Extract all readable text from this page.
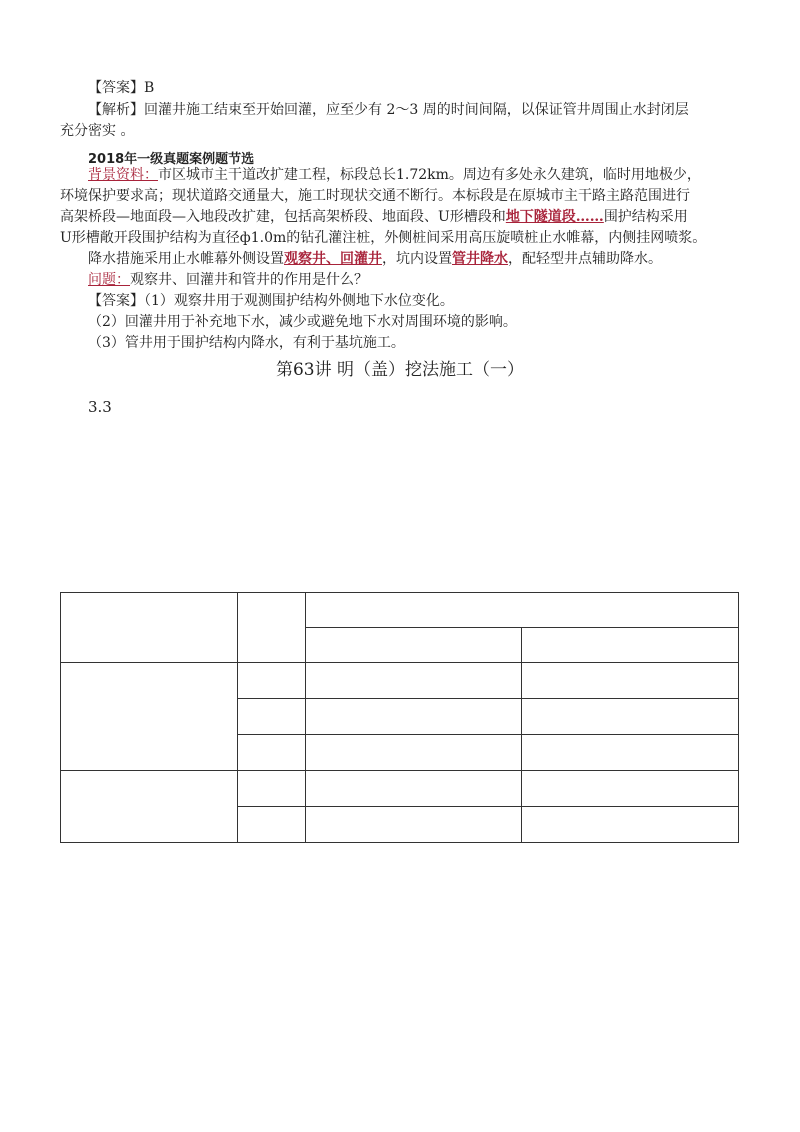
【答案】B
【解析】回灌井施工结束至开始回灌，应至少有 2～3 周的时间间隔，以保证管井周围止水封闭层
充分密实 。
2018年一级真题案例题节选
背景资料：市区城市主干道改扩建工程，标段总长1.72km。周边有多处永久建筑，临时用地极少，
环境保护要求高；现状道路交通量大，施工时现状交通不断行。本标段是在原城市主干路主路范围进行
高架桥段—地面段—入地段改扩建，包括高架桥段、地面段、U形槽段和地下隧道段……围护结构采用
U形槽敞开段围护结构为直径ф1.0m的钻孔灌注桩，外侧桩间采用高压旋喷桩止水帷幕，内侧挂网喷浆。
降水措施采用止水帷幕外侧设置观察井、回灌井，坑内设置管井降水，配轻型井点辅助降水。
问题：观察井、回灌井和管井的作用是什么？
【答案】（1）观察井用于观测围护结构外侧地下水位变化。
（2）回灌井用于补充地下水，减少或避免地下水对周围环境的影响。
（3）管井用于围护结构内降水，有利于基坑施工。
第63讲 明（盖）挖法施工（一）
3.3
